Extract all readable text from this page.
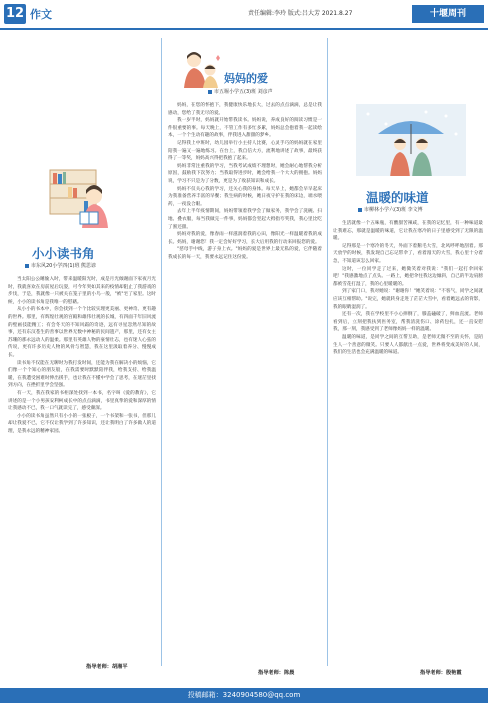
12 作文	责任编辑:李玲 版式:吕大芳 2021.8.27	十堰周刊
小小读书角
市东风20小学四(1)班 熊思谚

当太阳公公睡偷入时，带来温暖阳光时，成是月光倾谢面下家夜月光时，我就喜欢在房前屋后玩耍，可今年突如其来的疫情却阻止了我游戏的步伐，于是，我就像一只被关在笼子里的小鸟一般，"被"宅了家里。这时候，小小的读书角是我唯一的慰藉。

从小小的书本中，你会找到一个个比较实理更美丽、更神奇、更有趣的世界。那里，有辉煌壮观的宫殿和雄伟壮观的长城，有四面千年旧风流的壁画技能精工；有会冬天的不知风霜的奇迹，远有寻星忽然尽知的故事，还有东汉苍生的善事以世界无数中神秘的民间遗产，那里，还有女主苏珊的那永远动人的温柔。那里有英雄人物的豪情壮志，也有迷人心弦的传说，更有许多历史人物的风骨与智慧，我在这里汲取着养分、慢慢成长。

读书角不仅能在无聊时为我打发时间，还能为我在解决小的烦恼，它们像一个个知心的朋友般，在我需要时默默陪伴我，给我支持、给我温暖，在我遭受困难时伸出援手，也让我在不懂中学会了思考，在迷茫里找到方向，在挫折里学会坚强。

有一天，我在我家的书柜深处找到一本书，名字叫《爱的教育》，它讲述的是一个小男孩安利柯成长中的点点滴滴，书里真挚的爱和深厚的情让我感动不已，我一口气就读完了，感受颇深。

小小的读书角虽然只有小小的一张板子，一个书架和一张书，但那儿却让我爱不已，它不仅让我学到了许多知识，还让我明白了许多做人的道理，是我永远的精神家园。

指导老师：胡湘平
妈妈的爱
市五堰小学五(3)班 刘彦声

妈妈，在您的怀抱下，我健康快乐地长大，过去的点点滴滴，总是让我感动，您给了我无尽的爱。

我一岁半时，妈妈就开始带我读书。妈妈说，养成良好的阅读习惯是一件很重要的事。每天晚上，不管工作有多忙多累，妈妈总会抱着我一起读绘本，一个个生动有趣的故事，伴我进入甜甜的梦乡。

记得我上中班时，幼儿园举行小主持人比赛，心灵手巧的妈妈就在家里陪我一遍又一遍地练习。在台上，我自信大方，流利地讲述了故事，最终获得了一等奖，妈妈高兴得把我抱了起来。

妈妈非常注重我的学习，当我考试成绩不理想时，她会耐心地帮我分析原因，鼓励我下次努力；当我取得进步时，她会给我一个大大的拥抱。妈妈说，学习不只是为了分数，更是为了收获知识和成长。

妈妈不仅关心我的学习，还关心我的身体。每天早上，她都会早早起床为我准备营养丰富的早餐；我生病的时候，她日夜守护在我的床边，端水喂药，一夜没合眼。

去年上半年疫情期间，妈妈带领着我学会了做家务，我学会了洗碗、扫地、叠衣服，每当我做完一件事，妈妈都会竖起大拇指夸奖我，我心里比吃了蜜还甜。

妈妈对我的爱，像春雨一样滋润着我的心田，像阳光一样温暖着我的成长。妈妈，谢谢您！我一定会好好学习，长大后用我的行动来回报您的爱。

"慈母手中线，游子身上衣。"妈妈的爱是世界上最无私的爱，它伴随着我成长的每一天，我要永远记住这份爱。

指导老师：陈晨
温暖的味道
市柳林小学六(3)班 李文博

生活就像一个五味瓶，有酸甜苦辣咸，在我的记忆里，有一种味道最让我难忘，那就是温暖的味道，它让我在寒冷的日子里感受到了无限的温暖。

记得那是一个寒冷的冬天，外面下着鹅毛大雪，北风呼呼地刮着。那天放学的时候，我发现自己忘记带伞了，看着漫天的大雪，我心里十分着急，不知道该怎么回家。

这时，一位同学走了过来，她微笑着对我说："我们一起打伞回家吧！"我感激地点了点头。一路上，她把伞往我这边倾斜，自己的半边肩膀都被雪花打湿了，我的心里暖暖的。

到了家门口，我对她说："谢谢你！"她笑着说："不客气，同学之间就应该互相帮助。"说完，她就转身走进了茫茫大雪中，看着她远去的背影，我的眼睛湿润了。

还有一次，我在学校里不小心摔倒了，膝盖磕破了，鲜血直流。老师看到后，立刻把我扶到医务室，帮我清洗伤口、涂药包扎，还一直安慰我，那一刻，我感受到了老师像妈妈一样的温暖。

温暖的味道，是同学之间的互帮互助，是老师无微不至的关怀，是陌生人一个善意的微笑。只要人人都献出一点爱，世界将变成美好的人间，我们的生活也会充满温暖的味道。

指导老师：殷艳霞
投稿邮箱：3240904580@qq.com
